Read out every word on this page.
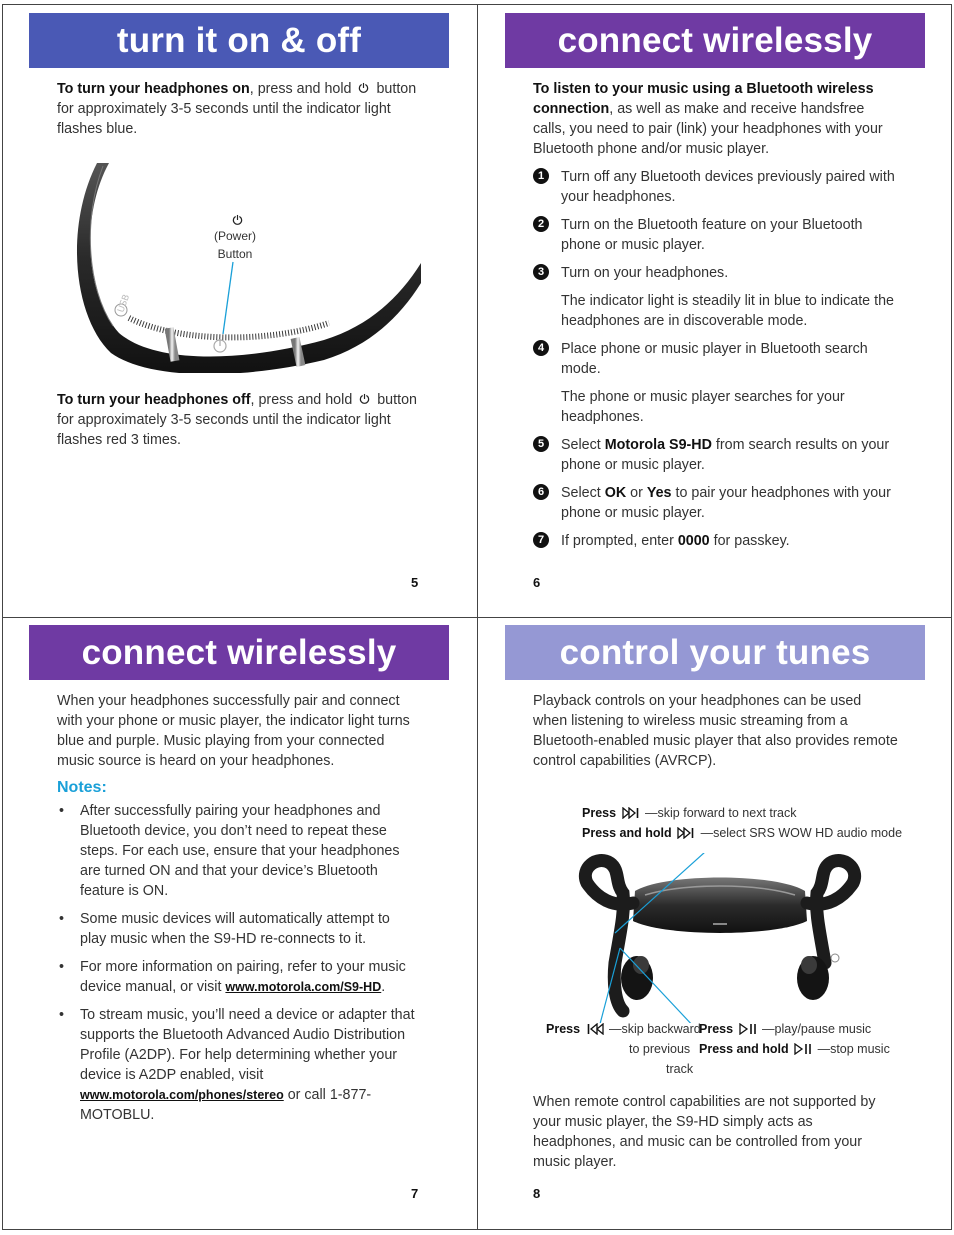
turn it on & off

To turn your headphones on, press and hold button for approximately 3-5 seconds until the indicator light flashes blue.

USB
(Power)
Button

To turn your headphones off, press and hold button for approximately 3-5 seconds until the indicator light flashes red 3 times.

5
connect wirelessly

To listen to your music using a Bluetooth wireless connection, as well as make and receive handsfree calls, you need to pair (link) your headphones with your Bluetooth phone and/or music player.

1	Turn off any Bluetooth devices previously paired with your headphones.
2	Turn on the Bluetooth feature on your Bluetooth phone or music player.
3	Turn on your headphones.
The indicator light is steadily lit in blue to indicate the headphones are in discoverable mode.
4	Place phone or music player in Bluetooth search mode.
The phone or music player searches for your headphones.
5	Select Motorola S9-HD from search results on your phone or music player.
6	Select OK or Yes to pair your headphones with your phone or music player.
7	If prompted, enter 0000 for passkey.
6
connect wirelessly

When your headphones successfully pair and connect with your phone or music player, the indicator light turns blue and purple. Music playing from your connected music source is heard on your headphones.

Notes:
• After successfully pairing your headphones and Bluetooth device, you don’t need to repeat these steps. For each use, ensure that your headphones are turned ON and that your device’s Bluetooth feature is ON.
• Some music devices will automatically attempt to play music when the S9-HD re-connects to it.
• For more information on pairing, refer to your music device manual, or visit www.motorola.com/S9-HD.
• To stream music, you’ll need a device or adapter that supports the Bluetooth Advanced Audio Distribution Profile (A2DP). For help determining whether your device is A2DP enabled, visit www.motorola.com/phones/stereo or call 1-877-MOTOBLU.
7
control your tunes

Playback controls on your headphones can be used when listening to wireless music streaming from a Bluetooth-enabled music player that also provides remote control capabilities (AVRCP).

Press —skip forward to next track
Press and hold —select SRS WOW HD audio mode
Press —skip backward
to previous
track
Press —play/pause music
Press and hold —stop music

When remote control capabilities are not supported by your music player, the S9-HD simply acts as headphones, and music can be controlled from your music player.

8
